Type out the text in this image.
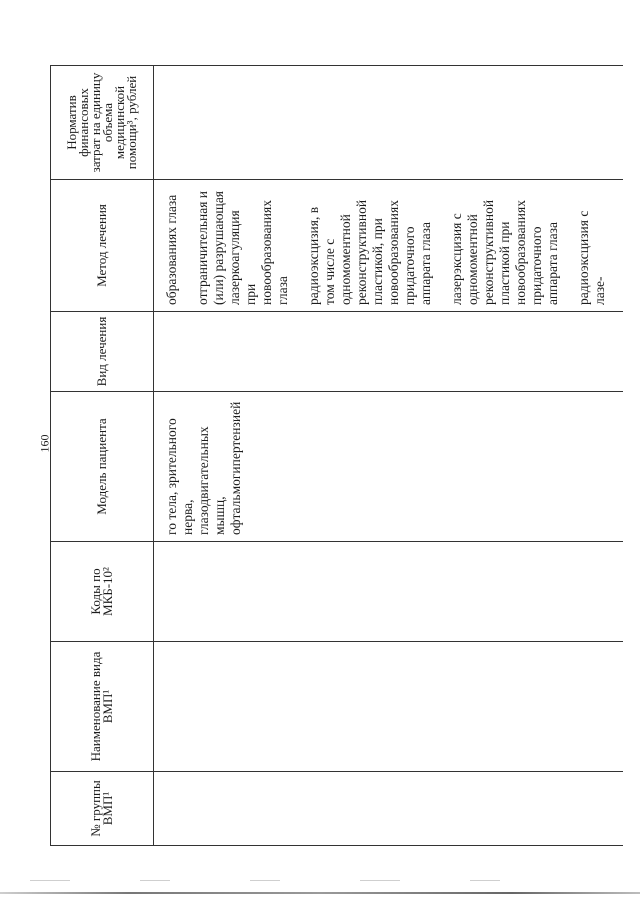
160
№ группы ВМП¹	Наименование вида ВМП¹	Коды по МКБ-10²	Модель пациента	Вид лечения	Метод лечения	Норматив финансовых затрат на единицу объема медицинской помощи³, рублей

			го тела, зрительного нерва, глазодвигательных мышц, офтальмогипертензией		образованиях глаза отграничительная и (или) разрушающая лазеркоагуляция при новообразованиях глаза радиоэксцизия, в том числе с одномоментной реконструктивной пластикой, при новообразованиях придаточного аппарата глаза лазерэксцизия с одномоментной реконструктивной пластикой при новообразованиях придаточного аппарата глаза радиоэксцизия с лазе-	
